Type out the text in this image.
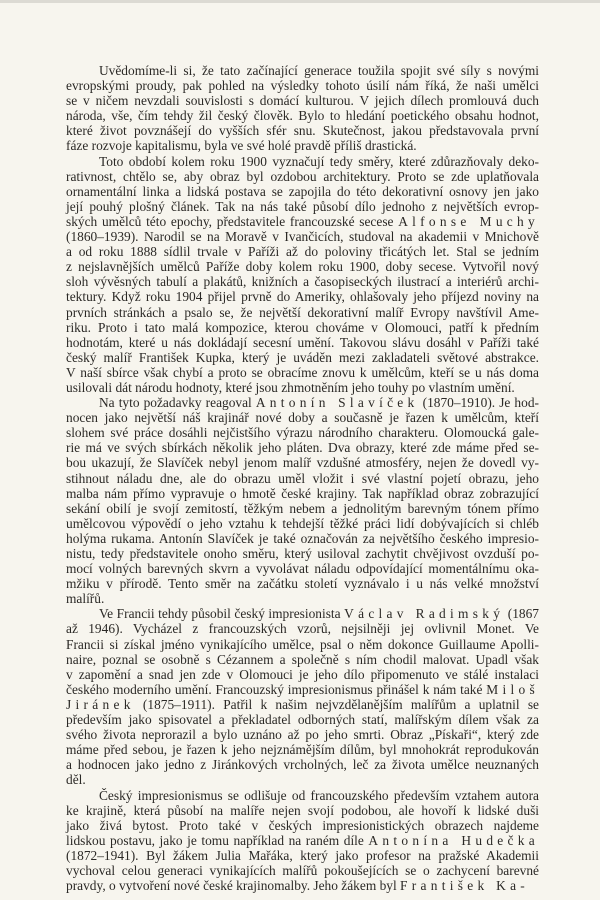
Uvědomíme-li si, že tato začínající generace toužila spojit své síly s novými
evropskými proudy, pak pohled na výsledky tohoto úsilí nám říká, že naši umělci
se v ničem nevzdali souvislosti s domácí kulturou. V jejich dílech promlouvá duch
národa, vše, čím tehdy žil český člověk. Bylo to hledání poetického obsahu hodnot,
které život povznášejí do vyšších sfér snu. Skutečnost, jakou představovala první
fáze rozvoje kapitalismu, byla ve své holé pravdě příliš drastická.
Toto období kolem roku 1900 vyznačují tedy směry, které zdůrazňovaly deko-
rativnost, chtělo se, aby obraz byl ozdobou architektury. Proto se zde uplatňovala
ornamentální linka a lidská postava se zapojila do této dekorativní osnovy jen jako
její pouhý plošný článek. Tak na nás také působí dílo jednoho z největších evrop-
ských umělců této epochy, představitele francouzské secese Alfonse Muchy
(1860–1939). Narodil se na Moravě v Ivančicích, studoval na akademii v Mnichově
a od roku 1888 sídlil trvale v Paříži až do poloviny třicátých let. Stal se jedním
z nejslavnějších umělců Paříže doby kolem roku 1900, doby secese. Vytvořil nový
sloh vývěsných tabulí a plakátů, knižních a časopiseckých ilustrací a interiérů archi-
tektury. Když roku 1904 přijel prvně do Ameriky, ohlašovaly jeho příjezd noviny na
prvních stránkách a psalo se, že největší dekorativní malíř Evropy navštívil Ame-
riku. Proto i tato malá kompozice, kterou chováme v Olomouci, patří k předním
hodnotám, které u nás dokládají secesní umění. Takovou slávu dosáhl v Paříži také
český malíř František Kupka, který je uváděn mezi zakladateli světové abstrakce.
V naší sbírce však chybí a proto se obracíme znovu k umělcům, kteří se u nás doma
usilovali dát národu hodnoty, které jsou zhmotněním jeho touhy po vlastním umění.
Na tyto požadavky reagoval Antonín Slavíček (1870–1910). Je hod-
nocen jako největší náš krajinář nové doby a současně je řazen k umělcům, kteří
slohem své práce dosáhli nejčistšího výrazu národního charakteru. Olomoucká gale-
rie má ve svých sbírkách několik jeho pláten. Dva obrazy, které zde máme před se-
bou ukazují, že Slavíček nebyl jenom malíř vzdušné atmosféry, nejen že dovedl vy-
stihnout náladu dne, ale do obrazu uměl vložit i své vlastní pojetí obrazu, jeho
malba nám přímo vypravuje o hmotě české krajiny. Tak například obraz zobrazující
sekání obilí je svojí zemitostí, těžkým nebem a jednolitým barevným tónem přímo
umělcovou výpovědí o jeho vztahu k tehdejší těžké práci lidí dobývajících si chléb
holýma rukama. Antonín Slavíček je také označován za největšího českého impresio-
nistu, tedy představitele onoho směru, který usiloval zachytit chvějivost ovzduší po-
mocí volných barevných skvrn a vyvolávat náladu odpovídající momentálnímu oka-
mžiku v přírodě. Tento směr na začátku století vyznávalo i u nás velké množství
malířů.
Ve Francii tehdy působil český impresionista Václav Radimský (1867
až 1946). Vycházel z francouzských vzorů, nejsilněji jej ovlivnil Monet. Ve
Francii si získal jméno vynikajícího umělce, psal o něm dokonce Guillaume Apolli-
naire, poznal se osobně s Cézannem a společně s ním chodil malovat. Upadl však
v zapomění a snad jen zde v Olomouci je jeho dílo připomenuto ve stálé instalaci
českého moderního umění. Francouzský impresionismus přinášel k nám také Miloš
Jiránek (1875–1911). Patřil k našim nejvzdělanějším malířům a uplatnil se
především jako spisovatel a překladatel odborných statí, malířským dílem však za
svého života neprorazil a bylo uznáno až po jeho smrti. Obraz „Pískaři“, který zde
máme před sebou, je řazen k jeho nejznámějším dílům, byl mnohokrát reprodukován
a hodnocen jako jedno z Jiránkových vrcholných, leč za života umělce neuznaných
děl.
Český impresionismus se odlišuje od francouzského především vztahem autora
ke krajině, která působí na malíře nejen svojí podobou, ale hovoří k lidské duši
jako živá bytost. Proto také v českých impresionistických obrazech najdeme
lidskou postavu, jako je tomu například na raném díle Antonína Hudečka
(1872–1941). Byl žákem Julia Mařáka, který jako profesor na pražské Akademii
vychoval celou generaci vynikajících malířů pokoušejících se o zachycení barevné
pravdy, o vytvoření nové české krajinomalby. Jeho žákem byl František Ka-
